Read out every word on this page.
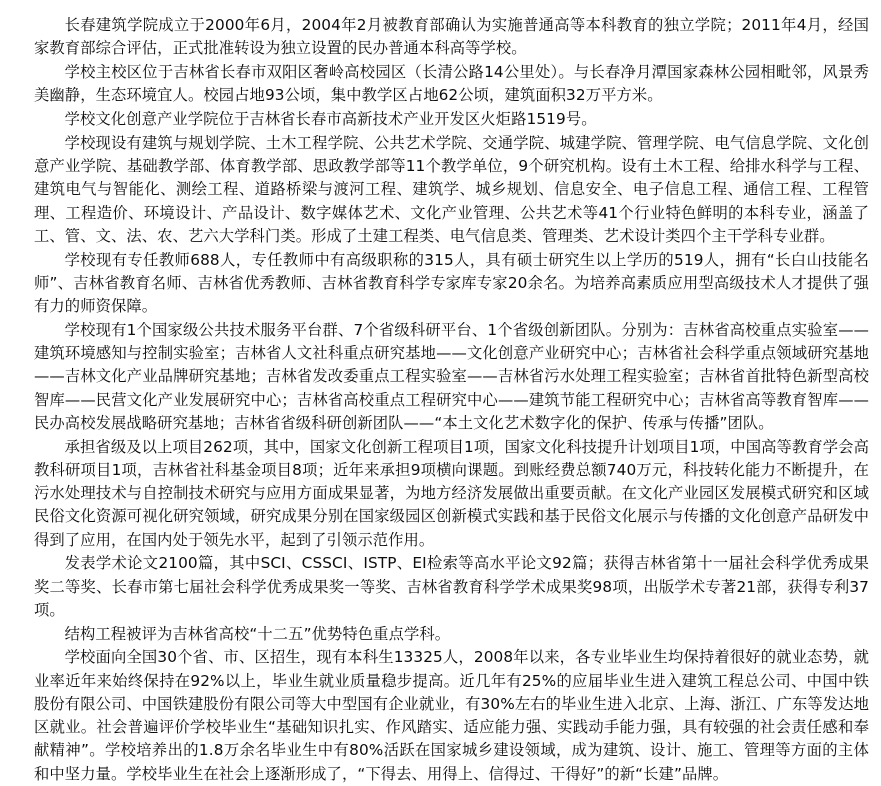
长春建筑学院成立于2000年6月，2004年2月被教育部确认为实施普通高等本科教育的独立学院；2011年4月，经国家教育部综合评估，正式批准转设为独立设置的民办普通本科高等学校。

学校主校区位于吉林省长春市双阳区奢岭高校园区（长清公路14公里处）。与长春净月潭国家森林公园相毗邻，风景秀美幽静，生态环境宜人。校园占地93公顷，集中教学区占地62公顷，建筑面积32万平方米。

学校文化创意产业学院位于吉林省长春市高新技术产业开发区火炬路1519号。

学校现设有建筑与规划学院、土木工程学院、公共艺术学院、交通学院、城建学院、管理学院、电气信息学院、文化创意产业学院、基础教学部、体育教学部、思政教学部等11个教学单位，9个研究机构。设有土木工程、给排水科学与工程、建筑电气与智能化、测绘工程、道路桥梁与渡河工程、建筑学、城乡规划、信息安全、电子信息工程、通信工程、工程管理、工程造价、环境设计、产品设计、数字媒体艺术、文化产业管理、公共艺术等41个行业特色鲜明的本科专业，涵盖了工、管、文、法、农、艺六大学科门类。形成了土建工程类、电气信息类、管理类、艺术设计类四个主干学科专业群。

学校现有专任教师688人，专任教师中有高级职称的315人，具有硕士研究生以上学历的519人，拥有“长白山技能名师”、吉林省教育名师、吉林省优秀教师、吉林省教育科学专家库专家20余名。为培养高素质应用型高级技术人才提供了强有力的师资保障。

学校现有1个国家级公共技术服务平台群、7个省级科研平台、1个省级创新团队。分别为：吉林省高校重点实验室——建筑环境感知与控制实验室；吉林省人文社科重点研究基地——文化创意产业研究中心；吉林省社会科学重点领域研究基地——吉林文化产业品牌研究基地；吉林省发改委重点工程实验室——吉林省污水处理工程实验室；吉林省首批特色新型高校智库——民营文化产业发展研究中心；吉林省高校重点工程研究中心——建筑节能工程研究中心；吉林省高等教育智库——民办高校发展战略研究基地；吉林省省级科研创新团队——“本土文化艺术数字化的保护、传承与传播”团队。

承担省级及以上项目262项，其中，国家文化创新工程项目1项，国家文化科技提升计划项目1项，中国高等教育学会高教科研项目1项，吉林省社科基金项目8项；近年来承担9项横向课题。到账经费总额740万元，科技转化能力不断提升，在污水处理技术与自控制技术研究与应用方面成果显著，为地方经济发展做出重要贡献。在文化产业园区发展模式研究和区域民俗文化资源可视化研究领域，研究成果分别在国家级园区创新模式实践和基于民俗文化展示与传播的文化创意产品研发中得到了应用，在国内处于领先水平，起到了引领示范作用。

发表学术论文2100篇，其中SCI、CSSCI、ISTP、EI检索等高水平论文92篇；获得吉林省第十一届社会科学优秀成果奖二等奖、长春市第七届社会科学优秀成果奖一等奖、吉林省教育科学学术成果奖98项，出版学术专著21部，获得专利37项。

结构工程被评为吉林省高校“十二五”优势特色重点学科。

学校面向全国30个省、市、区招生，现有本科生13325人，2008年以来，各专业毕业生均保持着很好的就业态势，就业率近年来始终保持在92%以上，毕业生就业质量稳步提高。近几年有25%的应届毕业生进入建筑工程总公司、中国中铁股份有限公司、中国铁建股份有限公司等大中型国有企业就业，有30%左右的毕业生进入北京、上海、浙江、广东等发达地区就业。社会普遍评价学校毕业生“基础知识扎实、作风踏实、适应能力强、实践动手能力强，具有较强的社会责任感和奉献精神”。学校培养出的1.8万余名毕业生中有80%活跃在国家城乡建设领域，成为建筑、设计、施工、管理等方面的主体和中坚力量。学校毕业生在社会上逐渐形成了，“下得去、用得上、信得过、干得好”的新“长建”品牌。
